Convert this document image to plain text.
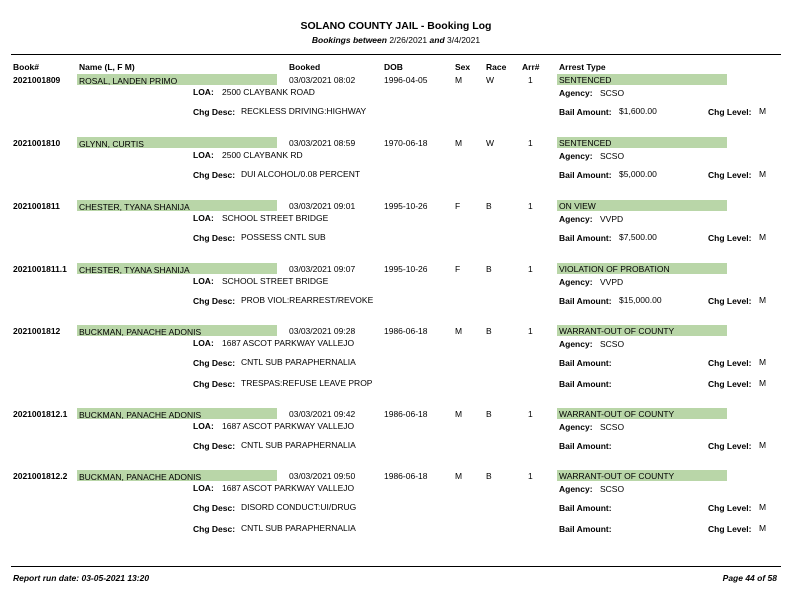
SOLANO COUNTY JAIL - Booking Log
Bookings between 2/26/2021 and 3/4/2021
Book#	Name (L, F M)	Booked	DOB	Sex Race Arr# Arrest Type
2021001809 ROSAL, LANDEN PRIMO	03/03/2021 08:02	1996-04-05	M	W	1	SENTENCED
LOA: 2500 CLAYBANK ROAD	Agency: SCSO
Chg Desc: RECKLESS DRIVING:HIGHWAY	Bail Amount: $1,600.00	Chg Level: M
2021001810 GLYNN, CURTIS	03/03/2021 08:59	1970-06-18	M	W	1	SENTENCED
LOA: 2500 CLAYBANK RD	Agency: SCSO
Chg Desc: DUI ALCOHOL/0.08 PERCENT	Bail Amount: $5,000.00	Chg Level: M
2021001811 CHESTER, TYANA SHANIJA	03/03/2021 09:01	1995-10-26	F	B	1	ON VIEW
LOA: SCHOOL STREET BRIDGE	Agency: VVPD
Chg Desc: POSSESS CNTL SUB	Bail Amount: $7,500.00	Chg Level: M
2021001811.1 CHESTER, TYANA SHANIJA	03/03/2021 09:07	1995-10-26	F	B	1	VIOLATION OF PROBATION
LOA: SCHOOL STREET BRIDGE	Agency: VVPD
Chg Desc: PROB VIOL:REARREST/REVOKE	Bail Amount: $15,000.00	Chg Level: M
2021001812 BUCKMAN, PANACHE ADONIS	03/03/2021 09:28	1986-06-18	M	B	1	WARRANT-OUT OF COUNTY
LOA: 1687 ASCOT PARKWAY VALLEJO	Agency: SCSO
Chg Desc: CNTL SUB PARAPHERNALIA	Bail Amount:	Chg Level: M
Chg Desc: TRESPAS:REFUSE LEAVE PROP	Bail Amount:	Chg Level: M
2021001812.1 BUCKMAN, PANACHE ADONIS	03/03/2021 09:42	1986-06-18	M	B	1	WARRANT-OUT OF COUNTY
LOA: 1687 ASCOT PARKWAY VALLEJO	Agency: SCSO
Chg Desc: CNTL SUB PARAPHERNALIA	Bail Amount:	Chg Level: M
2021001812.2 BUCKMAN, PANACHE ADONIS	03/03/2021 09:50	1986-06-18	M	B	1	WARRANT-OUT OF COUNTY
LOA: 1687 ASCOT PARKWAY VALLEJO	Agency: SCSO
Chg Desc: DISORD CONDUCT:UI/DRUG	Bail Amount:	Chg Level: M
Chg Desc: CNTL SUB PARAPHERNALIA	Bail Amount:	Chg Level: M
Report run date: 03-05-2021 13:20	Page 44 of 58
